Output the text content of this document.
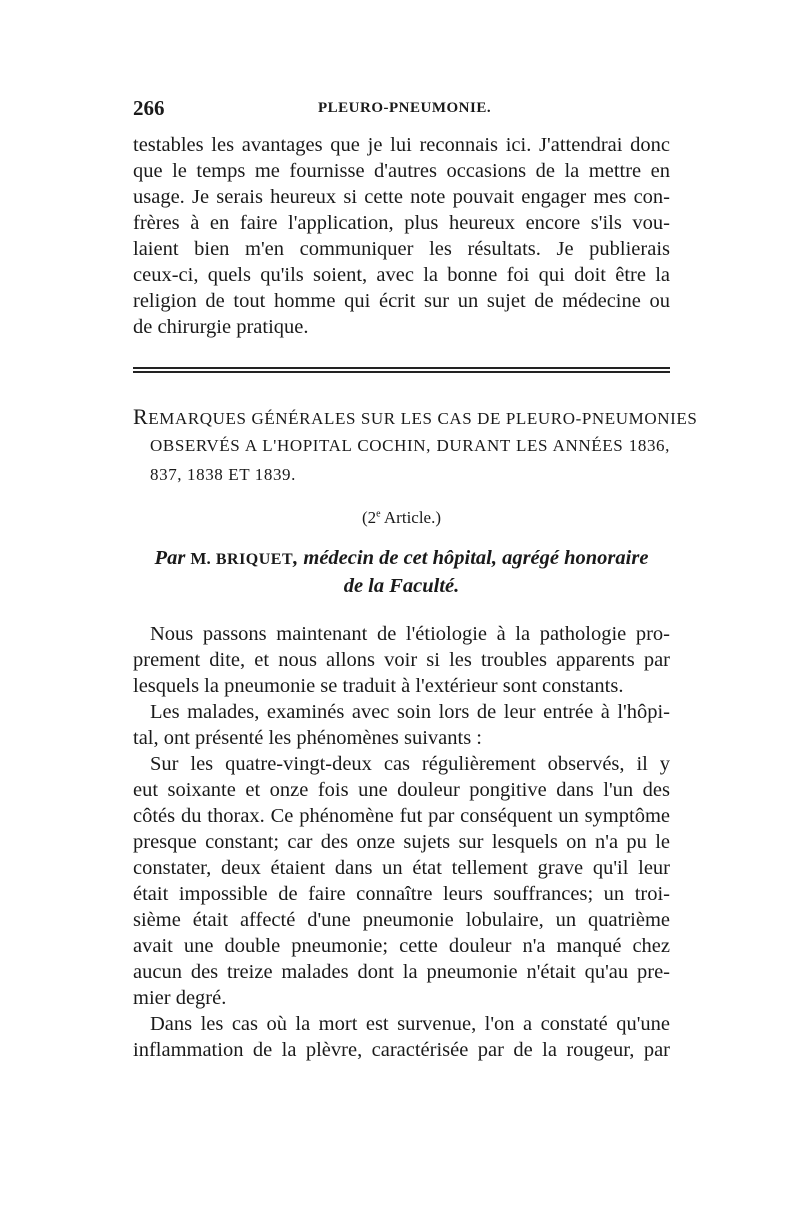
266	PLEURO-PNEUMONIE.
testables les avantages que je lui reconnais ici. J'attendrai donc
que le temps me fournisse d'autres occasions de la mettre en
usage. Je serais heureux si cette note pouvait engager mes con-
frères à en faire l'application, plus heureux encore s'ils vou-
laient bien m'en communiquer les résultats. Je publierais
ceux-ci, quels qu'ils soient, avec la bonne foi qui doit être la
religion de tout homme qui écrit sur un sujet de médecine ou
de chirurgie pratique.
REMARQUES GÉNÉRALES SUR LES CAS DE PLEURO-PNEUMONIES
OBSERVÉS A L'HOPITAL COCHIN, DURANT LES ANNÉES 1836,
837, 1838 ET 1839.
(2e Article.)
Par M. BRIQUET, médecin de cet hôpital, agrégé honoraire
de la Faculté.
Nous passons maintenant de l'étiologie à la pathologie pro-
prement dite, et nous allons voir si les troubles apparents par
lesquels la pneumonie se traduit à l'extérieur sont constants.
Les malades, examinés avec soin lors de leur entrée à l'hôpi-
tal, ont présenté les phénomènes suivants :
Sur les quatre-vingt-deux cas régulièrement observés, il y
eut soixante et onze fois une douleur pongitive dans l'un des
côtés du thorax. Ce phénomène fut par conséquent un symptôme
presque constant; car des onze sujets sur lesquels on n'a pu le
constater, deux étaient dans un état tellement grave qu'il leur
était impossible de faire connaître leurs souffrances; un troi-
sième était affecté d'une pneumonie lobulaire, un quatrième
avait une double pneumonie; cette douleur n'a manqué chez
aucun des treize malades dont la pneumonie n'était qu'au pre-
mier degré.
Dans les cas où la mort est survenue, l'on a constaté qu'une
inflammation de la plèvre, caractérisée par de la rougeur, par
